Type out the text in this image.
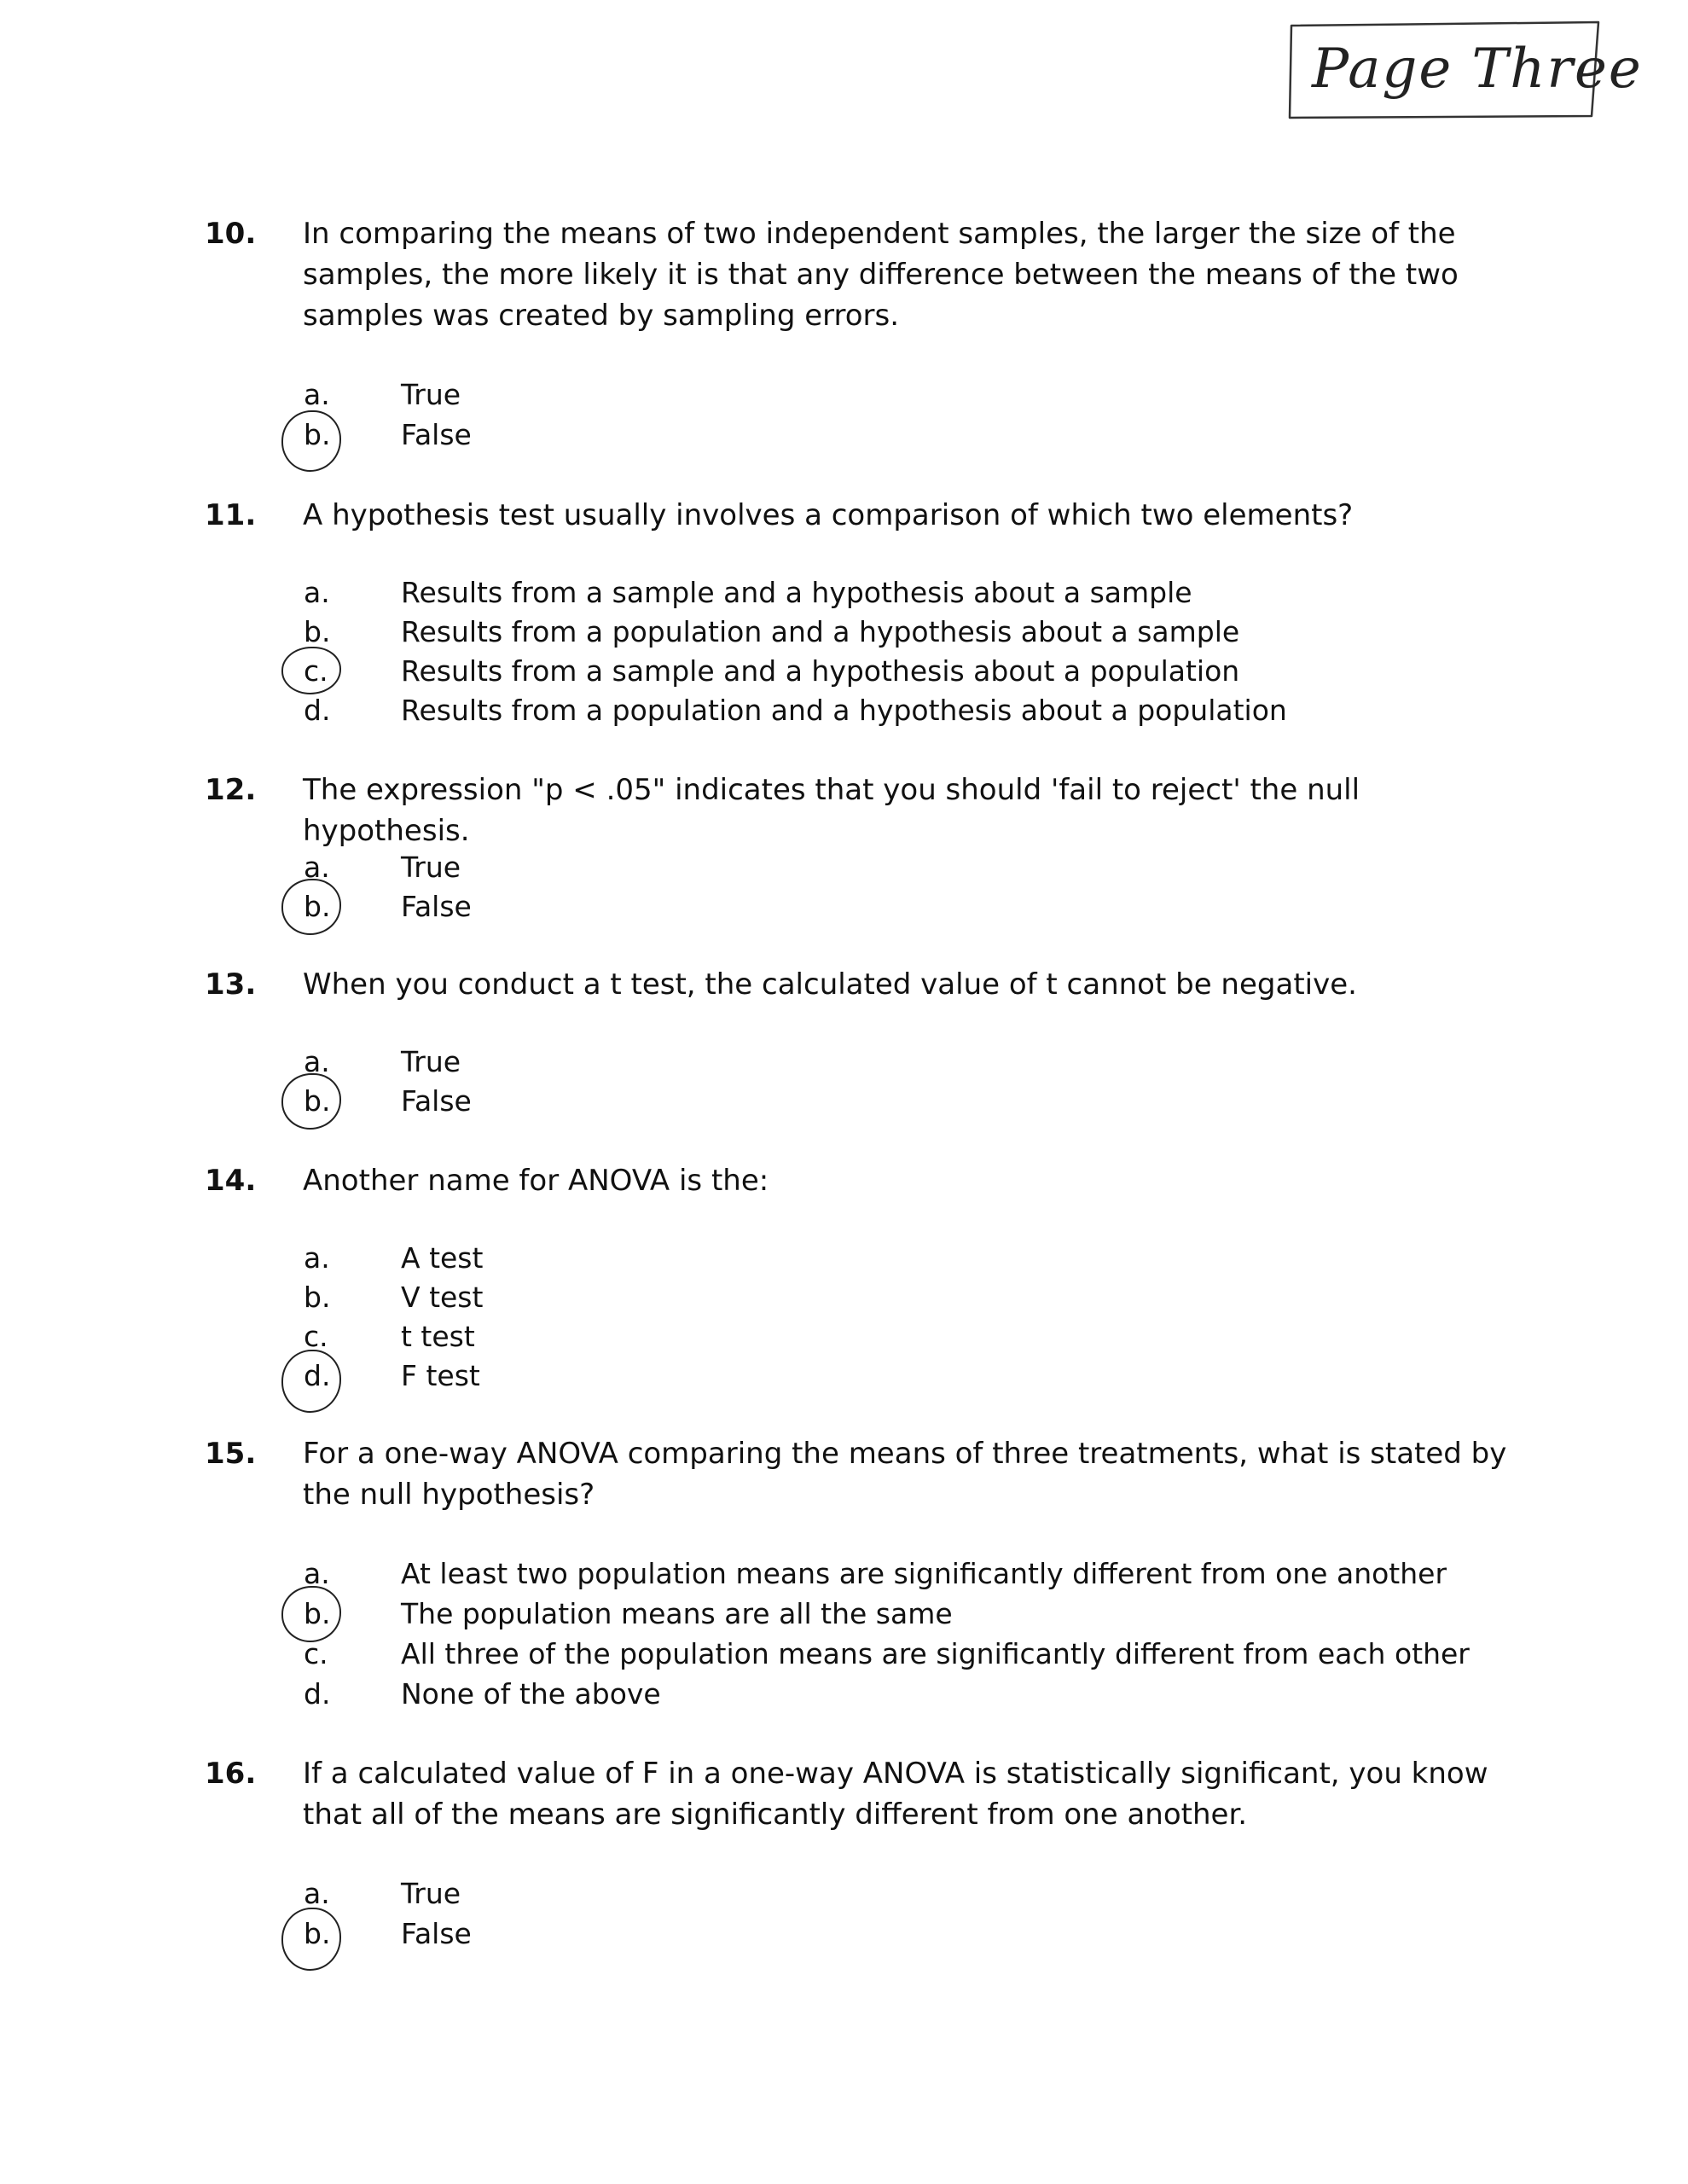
Page Three
10. In comparing the means of two independent samples, the larger the size of the samples, the more likely it is that any difference between the means of the two samples was created by sampling errors.
a.	True
b.	False
11. A hypothesis test usually involves a comparison of which two elements?
a.	Results from a sample and a hypothesis about a sample
b.	Results from a population and a hypothesis about a sample
c.	Results from a sample and a hypothesis about a population
d.	Results from a population and a hypothesis about a population
12. The expression "p < .05" indicates that you should 'fail to reject' the null hypothesis.
a.	True
b.	False
13. When you conduct a t test, the calculated value of t cannot be negative.
a.	True
b.	False
14. Another name for ANOVA is the:
a.	A test
b.	V test
c.	t test
d.	F test
15. For a one-way ANOVA comparing the means of three treatments, what is stated by the null hypothesis?
a.	At least two population means are significantly different from one another
b.	The population means are all the same
c.	All three of the population means are significantly different from each other
d.	None of the above
16. If a calculated value of F in a one-way ANOVA is statistically significant, you know that all of the means are significantly different from one another.
a.	True
b.	False
